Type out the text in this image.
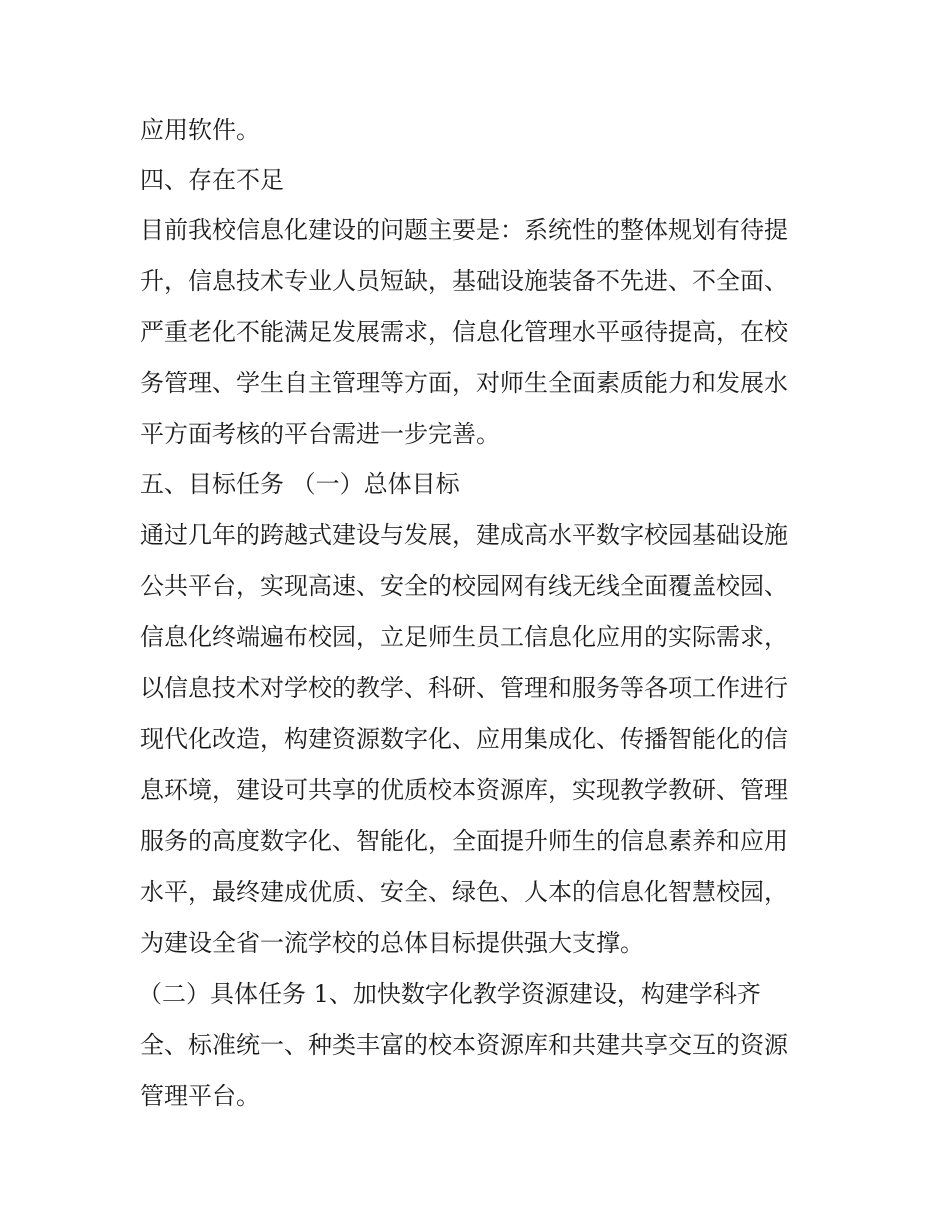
应用软件。
四、存在不足
目前我校信息化建设的问题主要是：系统性的整体规划有待提
升，信息技术专业人员短缺，基础设施装备不先进、不全面、
严重老化不能满足发展需求，信息化管理水平亟待提高，在校
务管理、学生自主管理等方面，对师生全面素质能力和发展水
平方面考核的平台需进一步完善。
五、目标任务 （一）总体目标
通过几年的跨越式建设与发展，建成高水平数字校园基础设施
公共平台，实现高速、安全的校园网有线无线全面覆盖校园、
信息化终端遍布校园，立足师生员工信息化应用的实际需求，
以信息技术对学校的教学、科研、管理和服务等各项工作进行
现代化改造，构建资源数字化、应用集成化、传播智能化的信
息环境，建设可共享的优质校本资源库，实现教学教研、管理
服务的高度数字化、智能化，全面提升师生的信息素养和应用
水平，最终建成优质、安全、绿色、人本的信息化智慧校园，
为建设全省一流学校的总体目标提供强大支撑。
（二）具体任务 1、加快数字化教学资源建设，构建学科齐
全、标准统一、种类丰富的校本资源库和共建共享交互的资源
管理平台。
